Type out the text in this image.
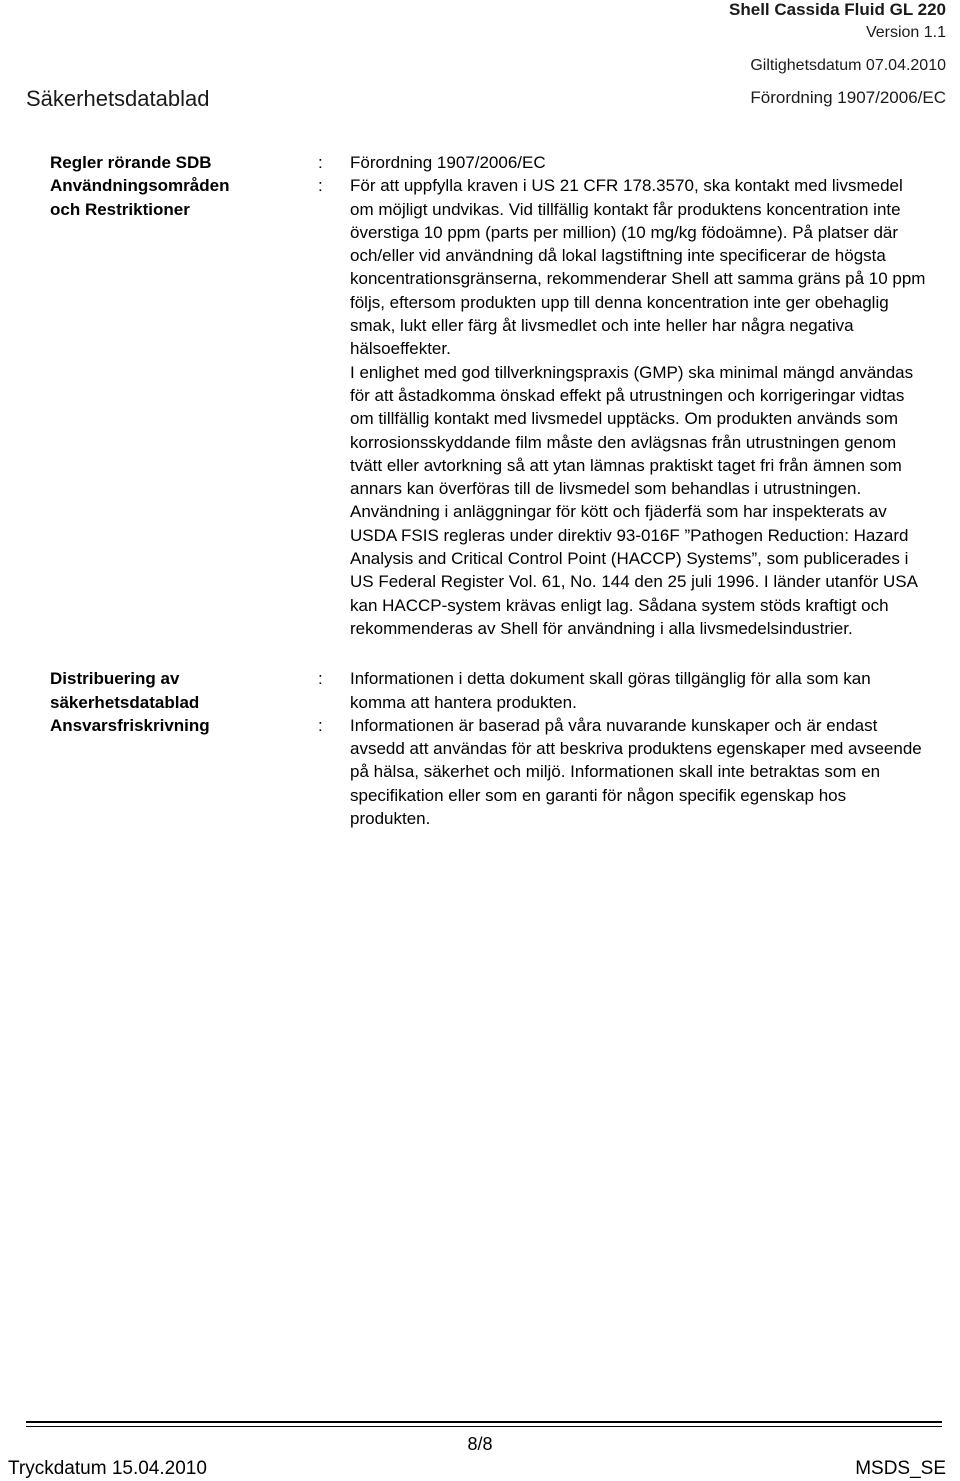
Shell Cassida Fluid GL 220
Version 1.1
Giltighetsdatum 07.04.2010
Säkerhetsdatablad	Förordning 1907/2006/EC
Regler rörande SDB	:	Förordning 1907/2006/EC

Användningsområden
och Restriktioner
:	För att uppfylla kraven i US 21 CFR 178.3570, ska kontakt med livsmedel om möjligt undvikas. Vid tillfällig kontakt får produktens koncentration inte överstiga 10 ppm (parts per million) (10 mg/kg födoämne). På platser där och/eller vid användning då lokal lagstiftning inte specificerar de högsta koncentrationsgränserna, rekommenderar Shell att samma gräns på 10 ppm följs, eftersom produkten upp till denna koncentration inte ger obehaglig smak, lukt eller färg åt livsmedlet och inte heller har några negativa hälsoeffekter.

I enlighet med god tillverkningspraxis (GMP) ska minimal mängd användas för att åstadkomma önskad effekt på utrustningen och korrigeringar vidtas om tillfällig kontakt med livsmedel upptäcks. Om produkten används som korrosionsskyddande film måste den avlägsnas från utrustningen genom tvätt eller avtorkning så att ytan lämnas praktiskt taget fri från ämnen som annars kan överföras till de livsmedel som behandlas i utrustningen.

Användning i anläggningar för kött och fjäderfä som har inspekterats av USDA FSIS regleras under direktiv 93-016F ”Pathogen Reduction: Hazard Analysis and Critical Control Point (HACCP) Systems”, som publicerades i US Federal Register Vol. 61, No. 144 den 25 juli 1996. I länder utanför USA kan HACCP-system krävas enligt lag. Sådana system stöds kraftigt och rekommenderas av Shell för användning i alla livsmedelsindustrier.

Distribuering av
säkerhetsdatablad
:	Informationen i detta dokument skall göras tillgänglig för alla som kan komma att hantera produkten.

Ansvarsfriskrivning	:	Informationen är baserad på våra nuvarande kunskaper och är endast avsedd att användas för att beskriva produktens egenskaper med avseende på hälsa, säkerhet och miljö. Informationen skall inte betraktas som en specifikation eller som en garanti för någon specifik egenskap hos produkten.

8/8
Tryckdatum 15.04.2010	MSDS_SE
